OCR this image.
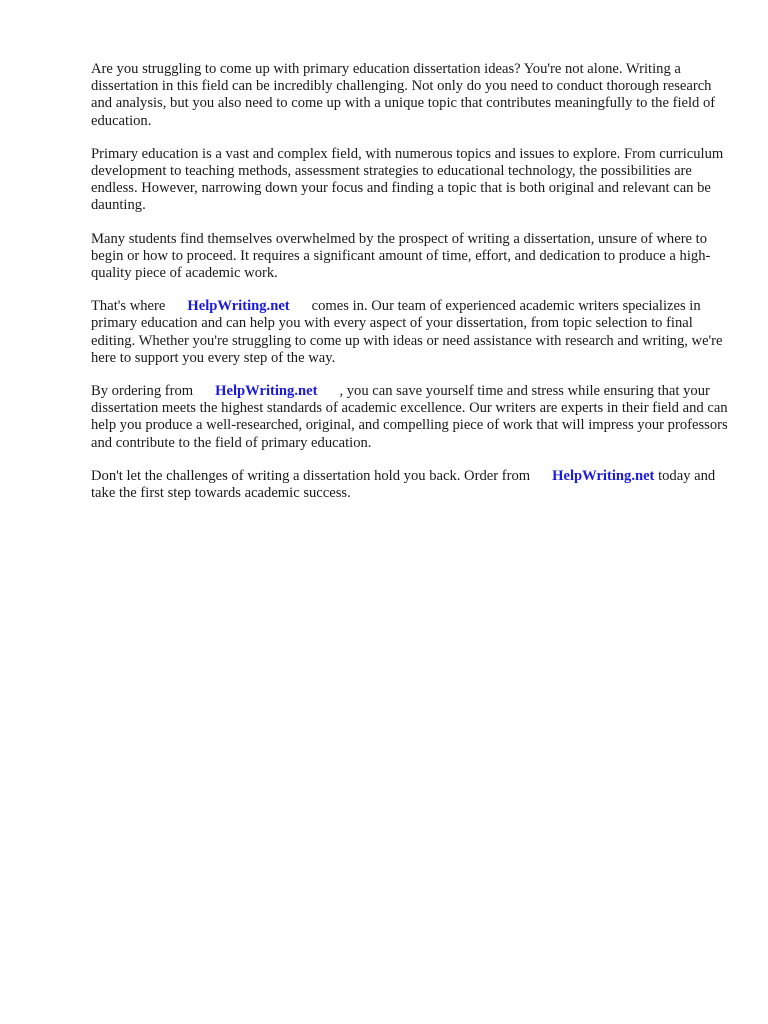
Are you struggling to come up with primary education dissertation ideas? You're not alone. Writing a dissertation in this field can be incredibly challenging. Not only do you need to conduct thorough research and analysis, but you also need to come up with a unique topic that contributes meaningfully to the field of education.

Primary education is a vast and complex field, with numerous topics and issues to explore. From curriculum development to teaching methods, assessment strategies to educational technology, the possibilities are endless. However, narrowing down your focus and finding a topic that is both original and relevant can be daunting.

Many students find themselves overwhelmed by the prospect of writing a dissertation, unsure of where to begin or how to proceed. It requires a significant amount of time, effort, and dedication to produce a high-quality piece of academic work.

That's where HelpWriting.net comes in. Our team of experienced academic writers specializes in primary education and can help you with every aspect of your dissertation, from topic selection to final editing. Whether you're struggling to come up with ideas or need assistance with research and writing, we're here to support you every step of the way.

By ordering from HelpWriting.net , you can save yourself time and stress while ensuring that your dissertation meets the highest standards of academic excellence. Our writers are experts in their field and can help you produce a well-researched, original, and compelling piece of work that will impress your professors and contribute to the field of primary education.

Don't let the challenges of writing a dissertation hold you back. Order from HelpWriting.net today and take the first step towards academic success.
